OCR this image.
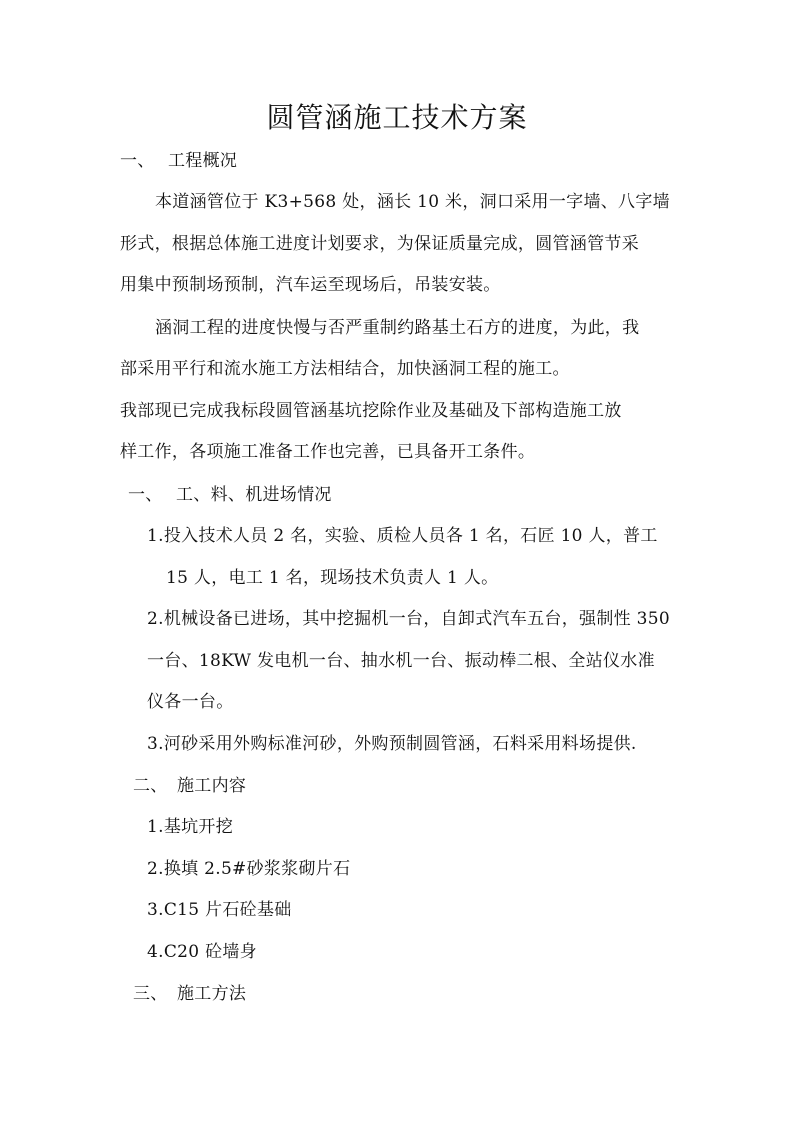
圆管涵施工技术方案
一、 工程概况
本道涵管位于 K3+568 处，涵长 10 米，洞口采用一字墙、八字墙
形式，根据总体施工进度计划要求，为保证质量完成，圆管涵管节采
用集中预制场预制，汽车运至现场后，吊装安装。
涵洞工程的进度快慢与否严重制约路基土石方的进度，为此，我
部采用平行和流水施工方法相结合，加快涵洞工程的施工。
我部现已完成我标段圆管涵基坑挖除作业及基础及下部构造施工放
样工作，各项施工准备工作也完善，已具备开工条件。
一、 工、料、机进场情况
1.投入技术人员 2 名，实验、质检人员各 1 名，石匠 10 人，普工
15 人，电工 1 名，现场技术负责人 1 人。
2.机械设备已进场，其中挖掘机一台，自卸式汽车五台，强制性 350
一台、18KW 发电机一台、抽水机一台、振动棒二根、全站仪水准
仪各一台。
3.河砂采用外购标准河砂，外购预制圆管涵，石料采用料场提供.
二、 施工内容
1.基坑开挖
2.换填 2.5#砂浆浆砌片石
3.C15 片石砼基础
4.C20 砼墙身
三、 施工方法
